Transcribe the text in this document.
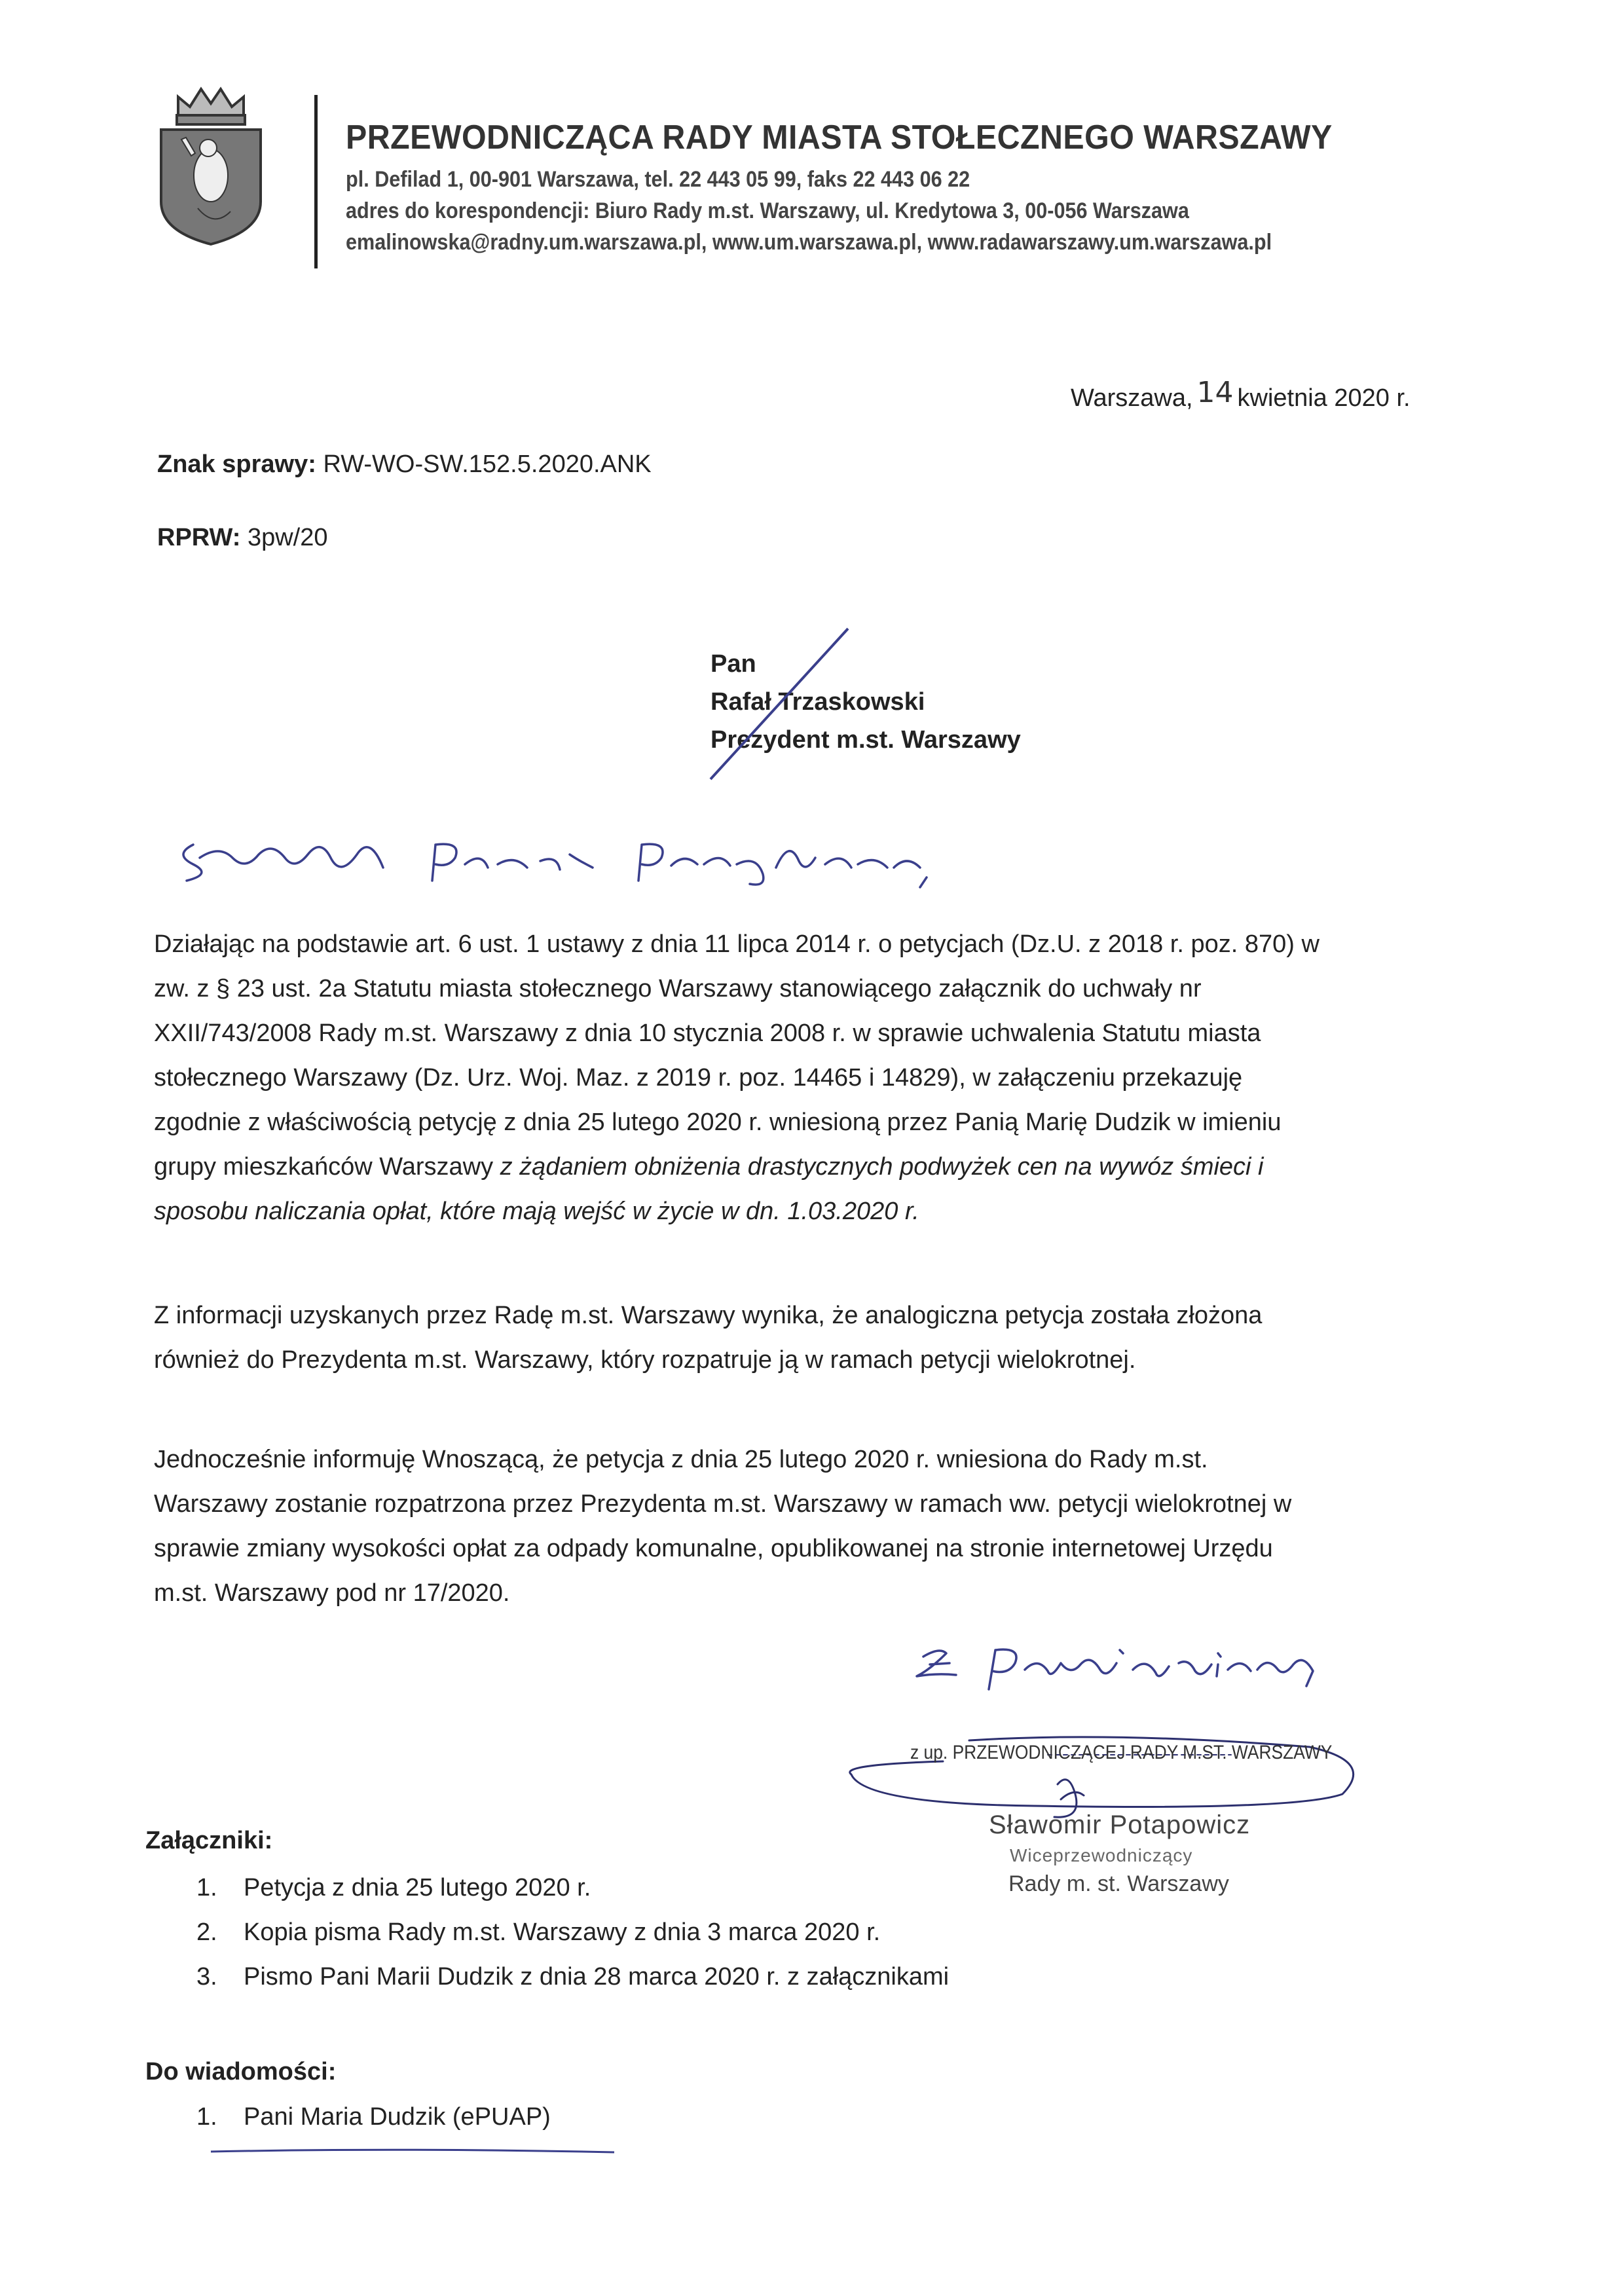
PRZEWODNICZĄCA RADY MIASTA STOŁECZNEGO WARSZAWY
pl. Defilad 1, 00-901 Warszawa, tel. 22 443 05 99, faks 22 443 06 22
adres do korespondencji: Biuro Rady m.st. Warszawy, ul. Kredytowa 3, 00-056 Warszawa
emalinowska@radny.um.warszawa.pl, www.um.warszawa.pl, www.radawarszawy.um.warszawa.pl
Warszawa, 14 kwietnia 2020 r.
Znak sprawy: RW-WO-SW.152.5.2020.ANK
RPRW: 3pw/20
Pan
Rafał Trzaskowski
Prezydent m.st. Warszawy
Działając na podstawie art. 6 ust. 1 ustawy z dnia 11 lipca 2014 r. o petycjach (Dz.U. z 2018 r. poz. 870) w
zw. z § 23 ust. 2a Statutu miasta stołecznego Warszawy stanowiącego załącznik do uchwały nr
XXII/743/2008 Rady m.st. Warszawy z dnia 10 stycznia 2008 r. w sprawie uchwalenia Statutu miasta
stołecznego Warszawy (Dz. Urz. Woj. Maz. z 2019 r. poz. 14465 i 14829), w załączeniu przekazuję
zgodnie z właściwością petycję z dnia 25 lutego 2020 r. wniesioną przez Panią Marię Dudzik w imieniu
grupy mieszkańców Warszawy z żądaniem obniżenia drastycznych podwyżek cen na wywóz śmieci i
sposobu naliczania opłat, które mają wejść w życie w dn. 1.03.2020 r.
Z informacji uzyskanych przez Radę m.st. Warszawy wynika, że analogiczna petycja została złożona
również do Prezydenta m.st. Warszawy, który rozpatruje ją w ramach petycji wielokrotnej.
Jednocześnie informuję Wnoszącą, że petycja z dnia 25 lutego 2020 r. wniesiona do Rady m.st.
Warszawy zostanie rozpatrzona przez Prezydenta m.st. Warszawy w ramach ww. petycji wielokrotnej w
sprawie zmiany wysokości opłat za odpady komunalne, opublikowanej na stronie internetowej Urzędu
m.st. Warszawy pod nr 17/2020.
z up. PRZEWODNICZĄCEJ RADY M.ST. WARSZAWY
Sławomir Potapowicz
Wiceprzewodniczący
Rady m. st. Warszawy
Załączniki:
1. Petycja z dnia 25 lutego 2020 r.
2. Kopia pisma Rady m.st. Warszawy z dnia 3 marca 2020 r.
3. Pismo Pani Marii Dudzik z dnia 28 marca 2020 r. z załącznikami
Do wiadomości:
1. Pani Maria Dudzik (ePUAP)
